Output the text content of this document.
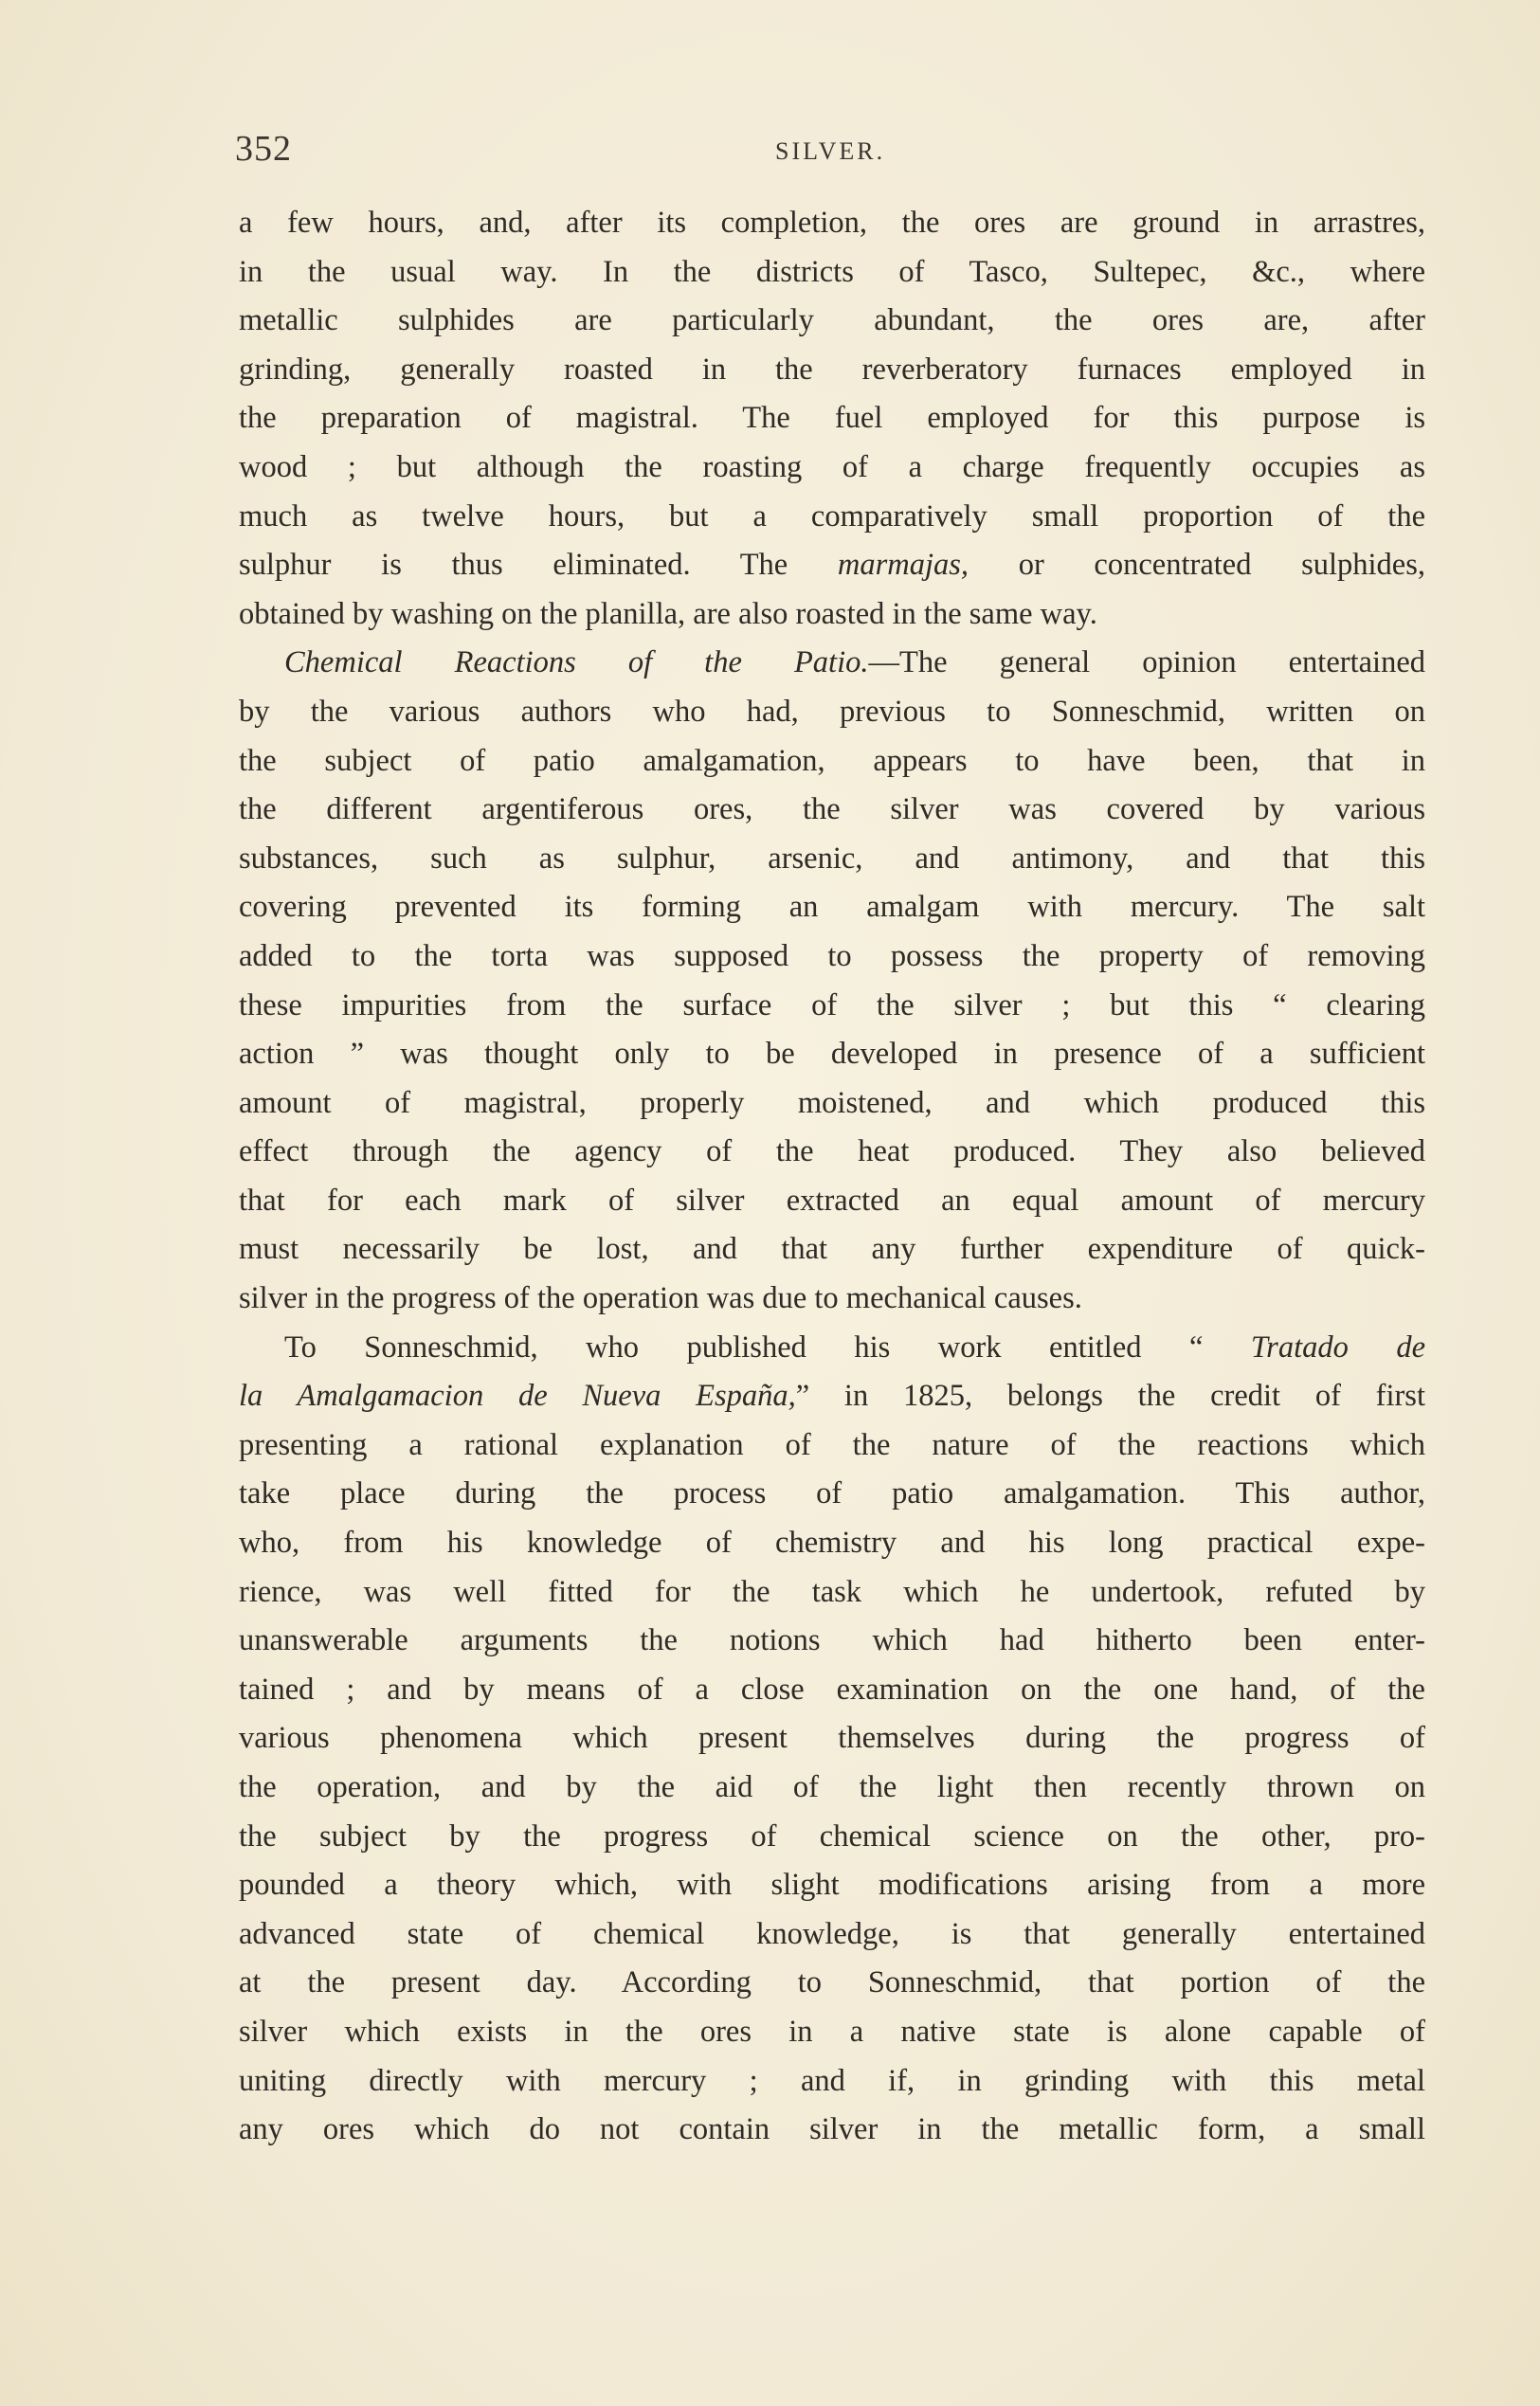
352	SILVER.
a few hours, and, after its completion, the ores are ground in arrastres,
in the usual way. In the districts of Tasco, Sultepec, &c., where
metallic sulphides are particularly abundant, the ores are, after
grinding, generally roasted in the reverberatory furnaces employed in
the preparation of magistral. The fuel employed for this purpose is
wood ; but although the roasting of a charge frequently occupies as
much as twelve hours, but a comparatively small proportion of the
sulphur is thus eliminated. The marmajas, or concentrated sulphides,
obtained by washing on the planilla, are also roasted in the same way.
Chemical Reactions of the Patio.—The general opinion entertained
by the various authors who had, previous to Sonneschmid, written on
the subject of patio amalgamation, appears to have been, that in
the different argentiferous ores, the silver was covered by various
substances, such as sulphur, arsenic, and antimony, and that this
covering prevented its forming an amalgam with mercury. The salt
added to the torta was supposed to possess the property of removing
these impurities from the surface of the silver ; but this “ clearing
action ” was thought only to be developed in presence of a sufficient
amount of magistral, properly moistened, and which produced this
effect through the agency of the heat produced. They also believed
that for each mark of silver extracted an equal amount of mercury
must necessarily be lost, and that any further expenditure of quick-
silver in the progress of the operation was due to mechanical causes.
To Sonneschmid, who published his work entitled “ Tratado de
la Amalgamacion de Nueva España,” in 1825, belongs the credit of first
presenting a rational explanation of the nature of the reactions which
take place during the process of patio amalgamation. This author,
who, from his knowledge of chemistry and his long practical expe-
rience, was well fitted for the task which he undertook, refuted by
unanswerable arguments the notions which had hitherto been enter-
tained ; and by means of a close examination on the one hand, of the
various phenomena which present themselves during the progress of
the operation, and by the aid of the light then recently thrown on
the subject by the progress of chemical science on the other, pro-
pounded a theory which, with slight modifications arising from a more
advanced state of chemical knowledge, is that generally entertained
at the present day. According to Sonneschmid, that portion of the
silver which exists in the ores in a native state is alone capable of
uniting directly with mercury ; and if, in grinding with this metal
any ores which do not contain silver in the metallic form, a small
